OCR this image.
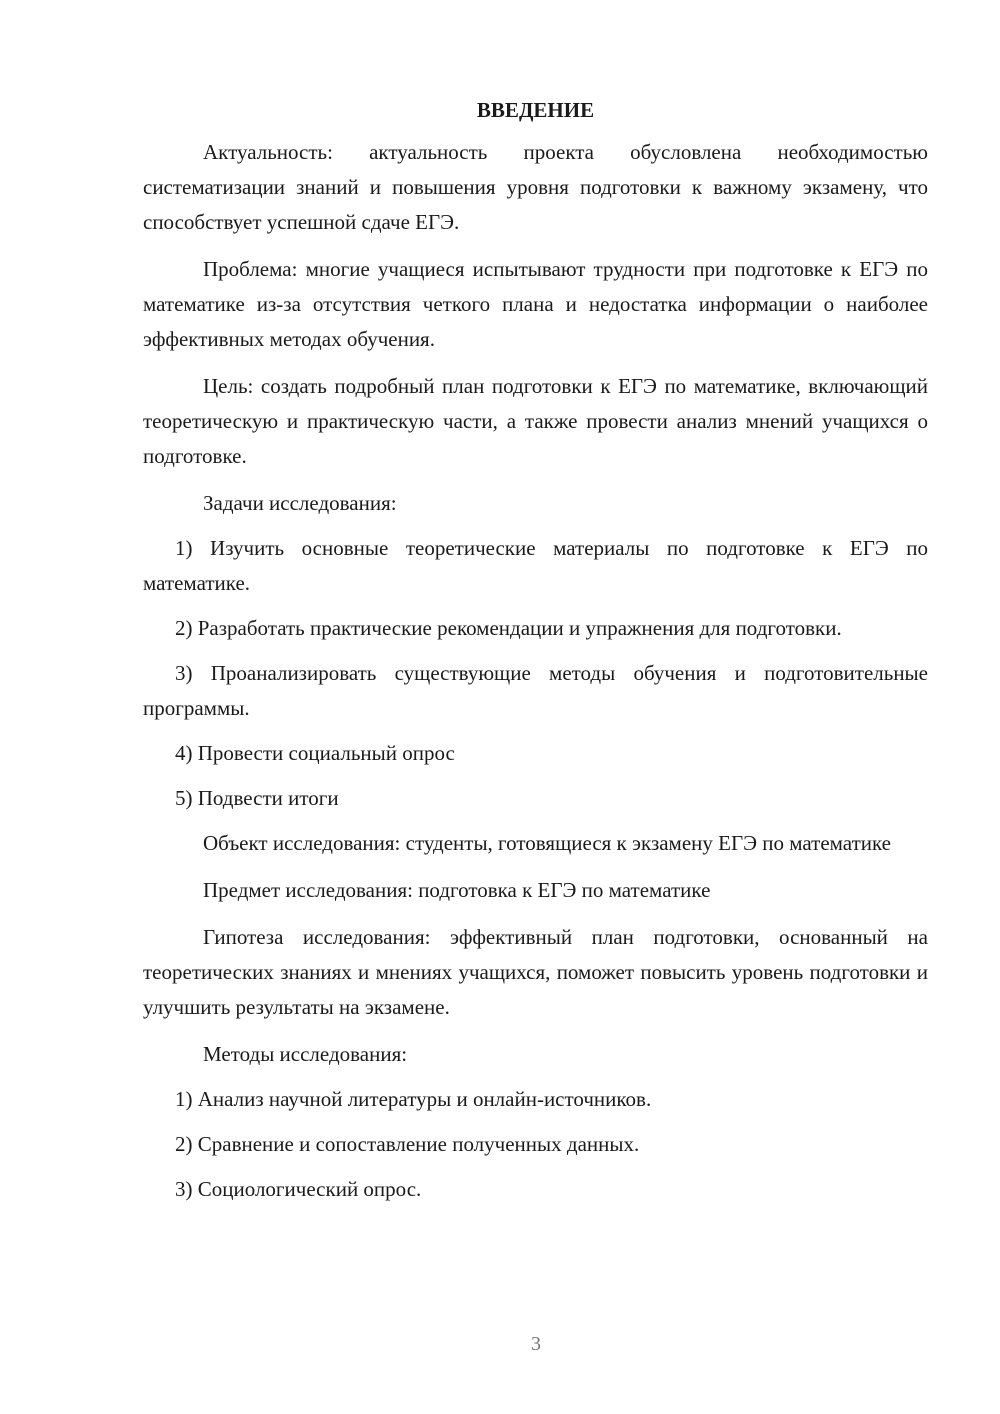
ВВЕДЕНИЕ

Актуальность: актуальность проекта обусловлена необходимостью систематизации знаний и повышения уровня подготовки к важному экзамену, что способствует успешной сдаче ЕГЭ.

Проблема: многие учащиеся испытывают трудности при подготовке к ЕГЭ по математике из-за отсутствия четкого плана и недостатка информации о наиболее эффективных методах обучения.

Цель: создать подробный план подготовки к ЕГЭ по математике, включающий теоретическую и практическую части, а также провести анализ мнений учащихся о подготовке.

Задачи исследования:

1) Изучить основные теоретические материалы по подготовке к ЕГЭ по математике.

2) Разработать практические рекомендации и упражнения для подготовки.

3) Проанализировать существующие методы обучения и подготовительные программы.

4) Провести социальный опрос

5) Подвести итоги

Объект исследования: студенты, готовящиеся к экзамену ЕГЭ по математике

Предмет исследования: подготовка к ЕГЭ по математике

Гипотеза исследования: эффективный план подготовки, основанный на теоретических знаниях и мнениях учащихся, поможет повысить уровень подготовки и улучшить результаты на экзамене.

Методы исследования:

1) Анализ научной литературы и онлайн-источников.

2) Сравнение и сопоставление полученных данных.

3) Социологический опрос.

3
